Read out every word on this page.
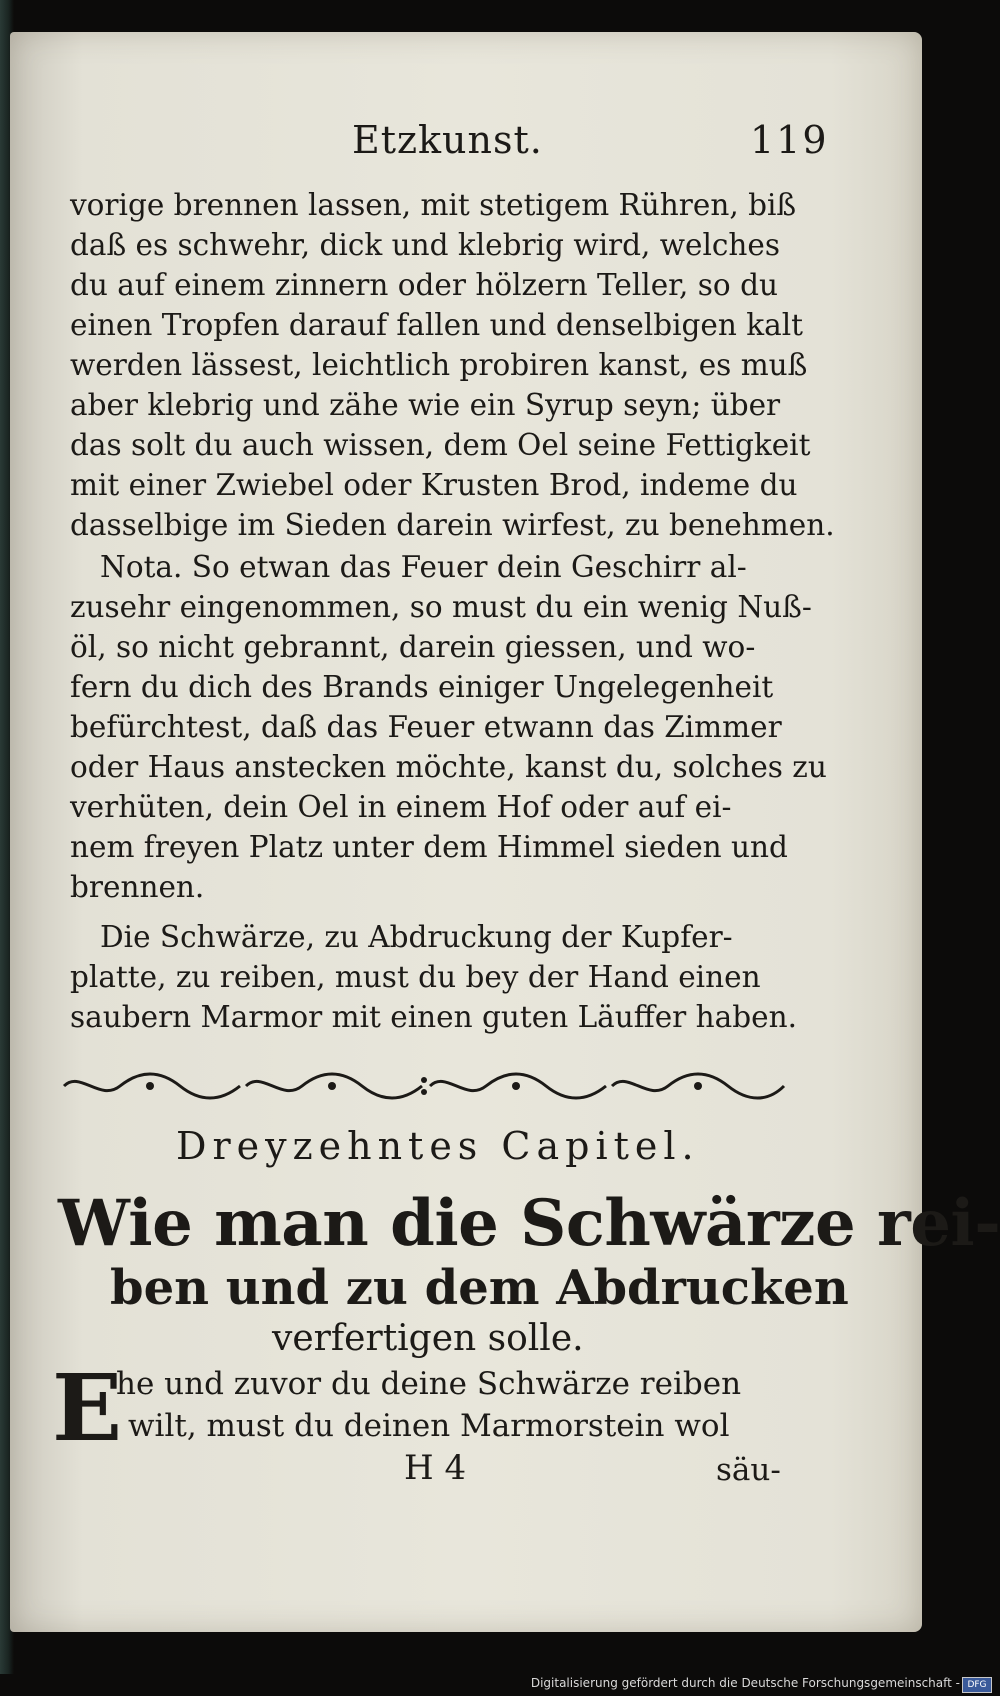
Etzkunst.	119
vorige brennen lassen, mit stetigem Rühren, biß
daß es schwehr, dick und klebrig wird, welches
du auf einem zinnern oder hölzern Teller, so du
einen Tropfen darauf fallen und denselbigen kalt
werden lässest, leichtlich probiren kanst, es muß
aber klebrig und zähe wie ein Syrup seyn; über
das solt du auch wissen, dem Oel seine Fettigkeit
mit einer Zwiebel oder Krusten Brod, indeme du
dasselbige im Sieden darein wirfest, zu benehmen.
Nota. So etwan das Feuer dein Geschirr al-
zusehr eingenommen, so must du ein wenig Nuß-
öl, so nicht gebrannt, darein giessen, und wo-
fern du dich des Brands einiger Ungelegenheit
befürchtest, daß das Feuer etwann das Zimmer
oder Haus anstecken möchte, kanst du, solches zu
verhüten, dein Oel in einem Hof oder auf ei-
nem freyen Platz unter dem Himmel sieden und
brennen.
Die Schwärze, zu Abdruckung der Kupfer-
platte, zu reiben, must du bey der Hand einen
saubern Marmor mit einen guten Läuffer haben.
Dreyzehntes Capitel.
Wie man die Schwärze rei-
ben und zu dem Abdrucken
verfertigen solle.
E
he und zuvor du deine Schwärze reiben
wilt, must du deinen Marmorstein wol
H 4	säu-
Digitalisierung gefördert durch die Deutsche Forschungsgemeinschaft - DFG
